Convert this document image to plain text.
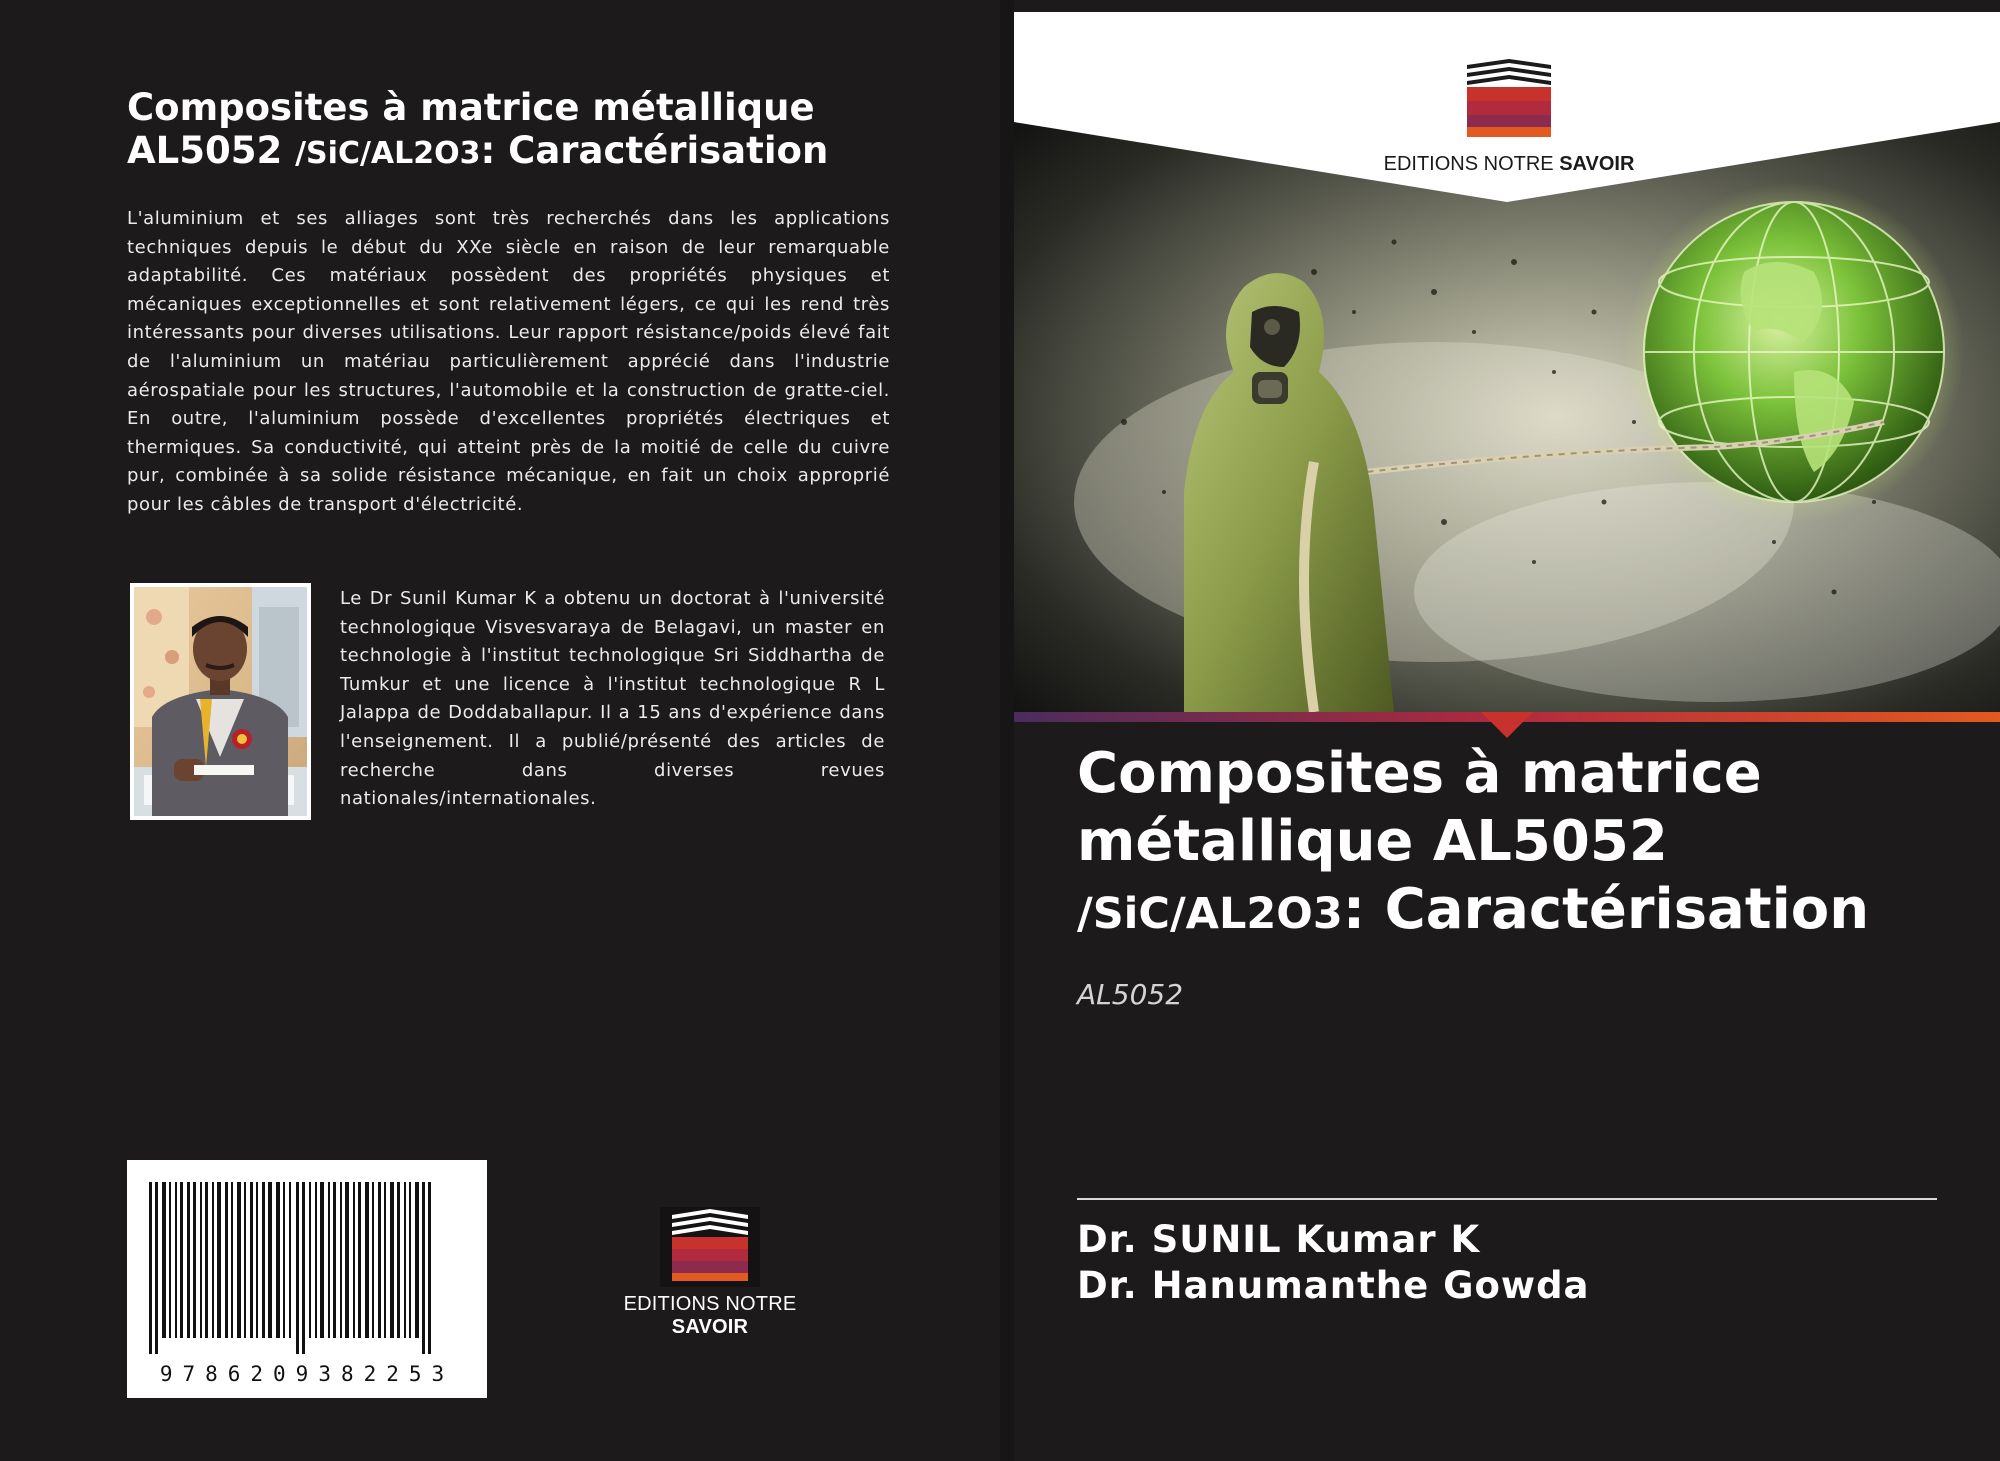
Composites à matrice métallique AL5052 /SiC/AL2O3: Caractérisation

L'aluminium et ses alliages sont très recherchés dans les applications techniques depuis le début du XXe siècle en raison de leur remarquable adaptabilité. Ces matériaux possèdent des propriétés physiques et mécaniques exceptionnelles et sont relativement légers, ce qui les rend très intéressants pour diverses utilisations. Leur rapport résistance/poids élevé fait de l'aluminium un matériau particulièrement apprécié dans l'industrie aérospatiale pour les structures, l'automobile et la construction de gratte-ciel. En outre, l'aluminium possède d'excellentes propriétés électriques et thermiques. Sa conductivité, qui atteint près de la moitié de celle du cuivre pur, combinée à sa solide résistance mécanique, en fait un choix approprié pour les câbles de transport d'électricité.

Le Dr Sunil Kumar K a obtenu un doctorat à l'université technologique Visvesvaraya de Belagavi, un master en technologie à l'institut technologique Sri Siddhartha de Tumkur et une licence à l'institut technologique R L Jalappa de Doddaballapur. Il a 15 ans d'expérience dans l'enseignement. Il a publié/présenté des articles de recherche dans diverses revues nationales/internationales.

9786209382253
EDITIONS NOTRE SAVOIR
EDITIONS NOTRE SAVOIR
Composites à matrice
métallique AL5052
/SiC/AL2O3: Caractérisation

AL5052

Dr. SUNIL Kumar K

Dr. Hanumanthe Gowda
